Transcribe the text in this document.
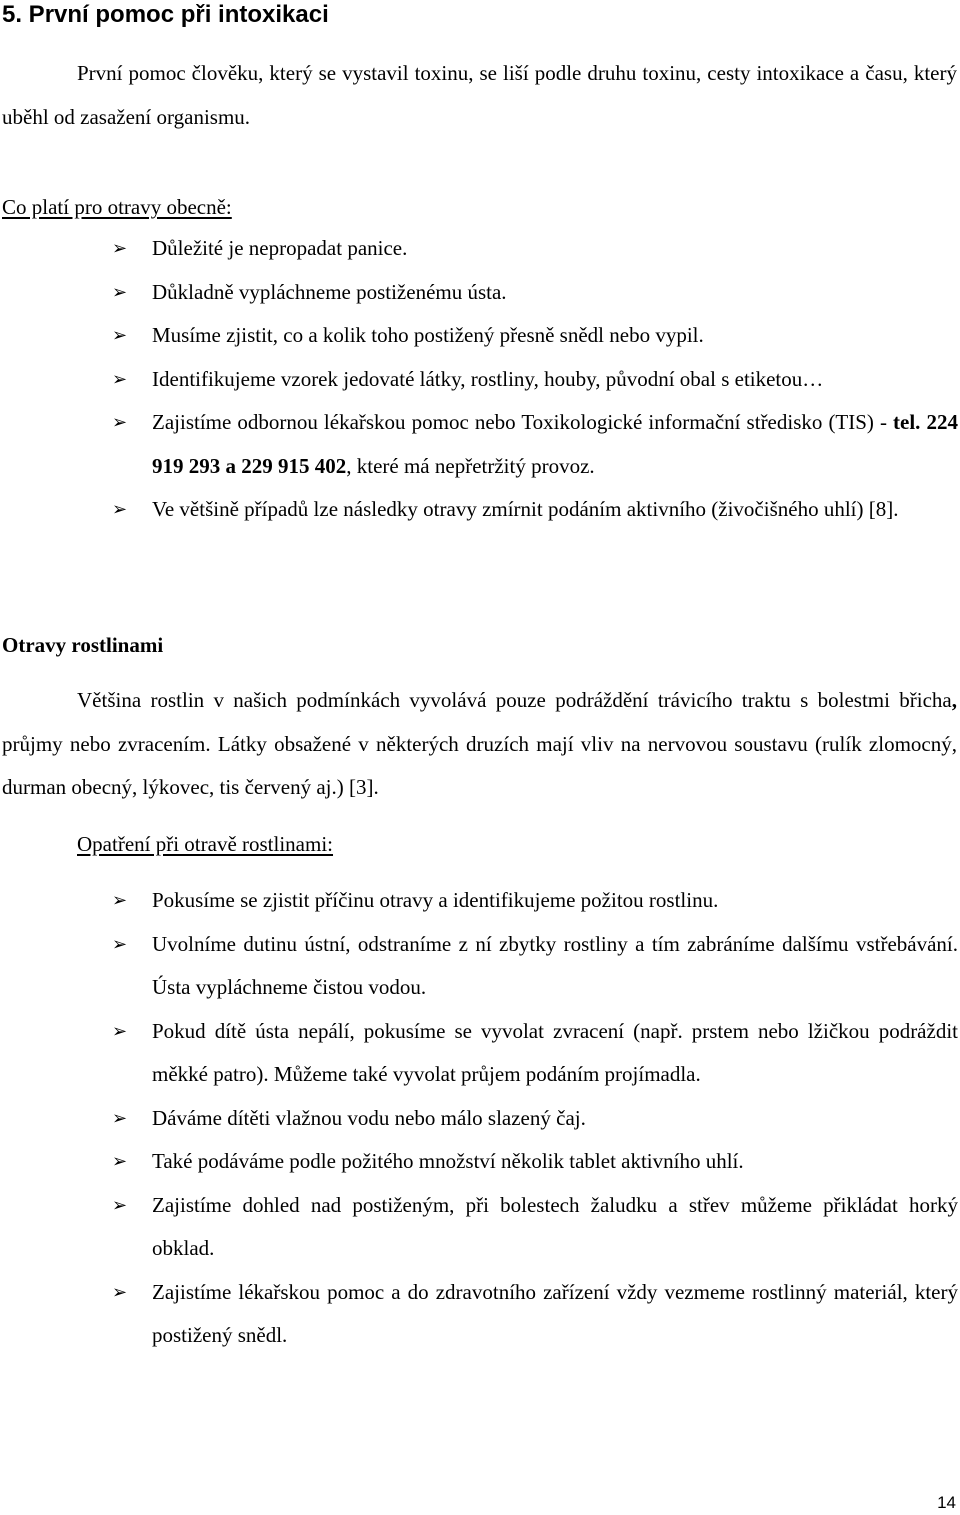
5. První pomoc při intoxikaci

První pomoc člověku, který se vystavil toxinu, se liší podle druhu toxinu, cesty intoxikace a času, který uběhl od zasažení organismu.

Co platí pro otravy obecně:
➢ Důležité je nepropadat panice.
➢ Důkladně vypláchneme postiženému ústa.
➢ Musíme zjistit, co a kolik toho postižený přesně snědl nebo vypil.
➢ Identifikujeme vzorek jedovaté látky, rostliny, houby, původní obal s etiketou…
➢ Zajistíme odbornou lékařskou pomoc nebo Toxikologické informační středisko (TIS) - tel. 224 919 293 a 229 915 402, které má nepřetržitý provoz.
➢ Ve většině případů lze následky otravy zmírnit podáním aktivního (živočišného uhlí) [8].
Otravy rostlinami

Většina rostlin v našich podmínkách vyvolává pouze podráždění trávicího traktu s bolestmi břicha, průjmy nebo zvracením. Látky obsažené v některých druzích mají vliv na nervovou soustavu (rulík zlomocný, durman obecný, lýkovec, tis červený aj.) [3].

Opatření při otravě rostlinami:
➢ Pokusíme se zjistit příčinu otravy a identifikujeme požitou rostlinu.
➢ Uvolníme dutinu ústní, odstraníme z ní zbytky rostliny a tím zabráníme dalšímu vstřebávání. Ústa vypláchneme čistou vodou.
➢ Pokud dítě ústa nepálí, pokusíme se vyvolat zvracení (např. prstem nebo lžičkou podráždit měkké patro). Můžeme také vyvolat průjem podáním projímadla.
➢ Dáváme dítěti vlažnou vodu nebo málo slazený čaj.
➢ Také podáváme podle požitého množství několik tablet aktivního uhlí.
➢ Zajistíme dohled nad postiženým, při bolestech žaludku a střev můžeme přikládat horký obklad.
➢ Zajistíme lékařskou pomoc a do zdravotního zařízení vždy vezmeme rostlinný materiál, který postižený snědl.
14
